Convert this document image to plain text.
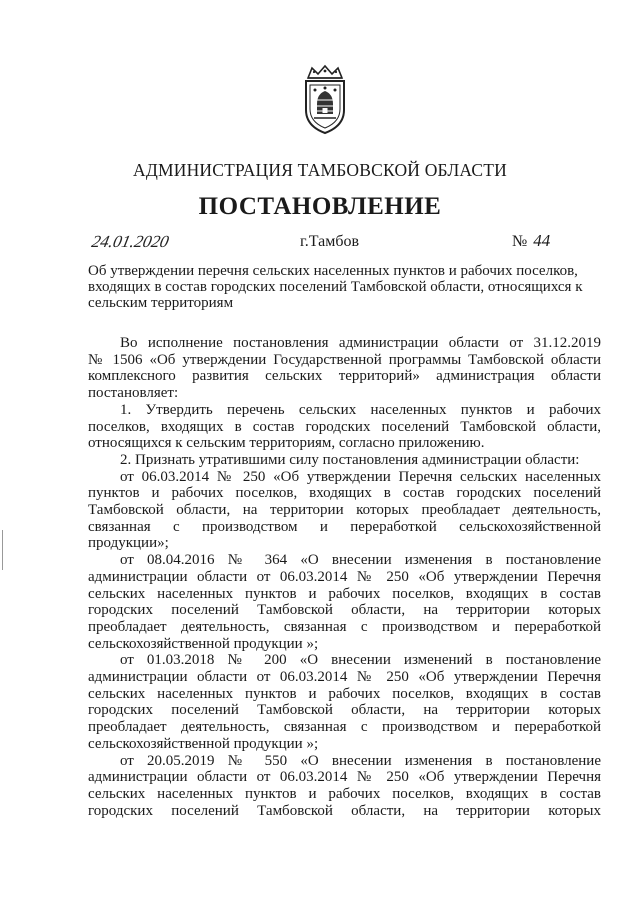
АДМИНИСТРАЦИЯ ТАМБОВСКОЙ ОБЛАСТИ
ПОСТАНОВЛЕНИЕ
24.01.2020	г.Тамбов	№ 44
Об утверждении перечня сельских населенных пунктов и рабочих поселков,
входящих в состав городских поселений Тамбовской области, относящихся к
сельским территориям
Во исполнение постановления администрации области от 31.12.2019
№ 1506 «Об утверждении Государственной программы Тамбовской области
комплексного развития сельских территорий» администрация области
постановляет:
1. Утвердить перечень сельских населенных пунктов и рабочих
поселков, входящих в состав городских поселений Тамбовской области,
относящихся к сельским территориям, согласно приложению.
2. Признать утратившими силу постановления администрации области:
от 06.03.2014 № 250 «Об утверждении Перечня сельских населенных
пунктов и рабочих поселков, входящих в состав городских поселений
Тамбовской области, на территории которых преобладает деятельность,
связанная с производством и переработкой сельскохозяйственной
продукции»;
от 08.04.2016 № 364 «О внесении изменения в постановление
администрации области от 06.03.2014 № 250 «Об утверждении Перечня
сельских населенных пунктов и рабочих поселков, входящих в состав
городских поселений Тамбовской области, на территории которых
преобладает деятельность, связанная с производством и переработкой
сельскохозяйственной продукции »;
от 01.03.2018 № 200 «О внесении изменений в постановление
администрации области от 06.03.2014 № 250 «Об утверждении Перечня
сельских населенных пунктов и рабочих поселков, входящих в состав
городских поселений Тамбовской области, на территории которых
преобладает деятельность, связанная с производством и переработкой
сельскохозяйственной продукции »;
от 20.05.2019 № 550 «О внесении изменения в постановление
администрации области от 06.03.2014 № 250 «Об утверждении Перечня
сельских населенных пунктов и рабочих поселков, входящих в состав
городских поселений Тамбовской области, на территории которых
